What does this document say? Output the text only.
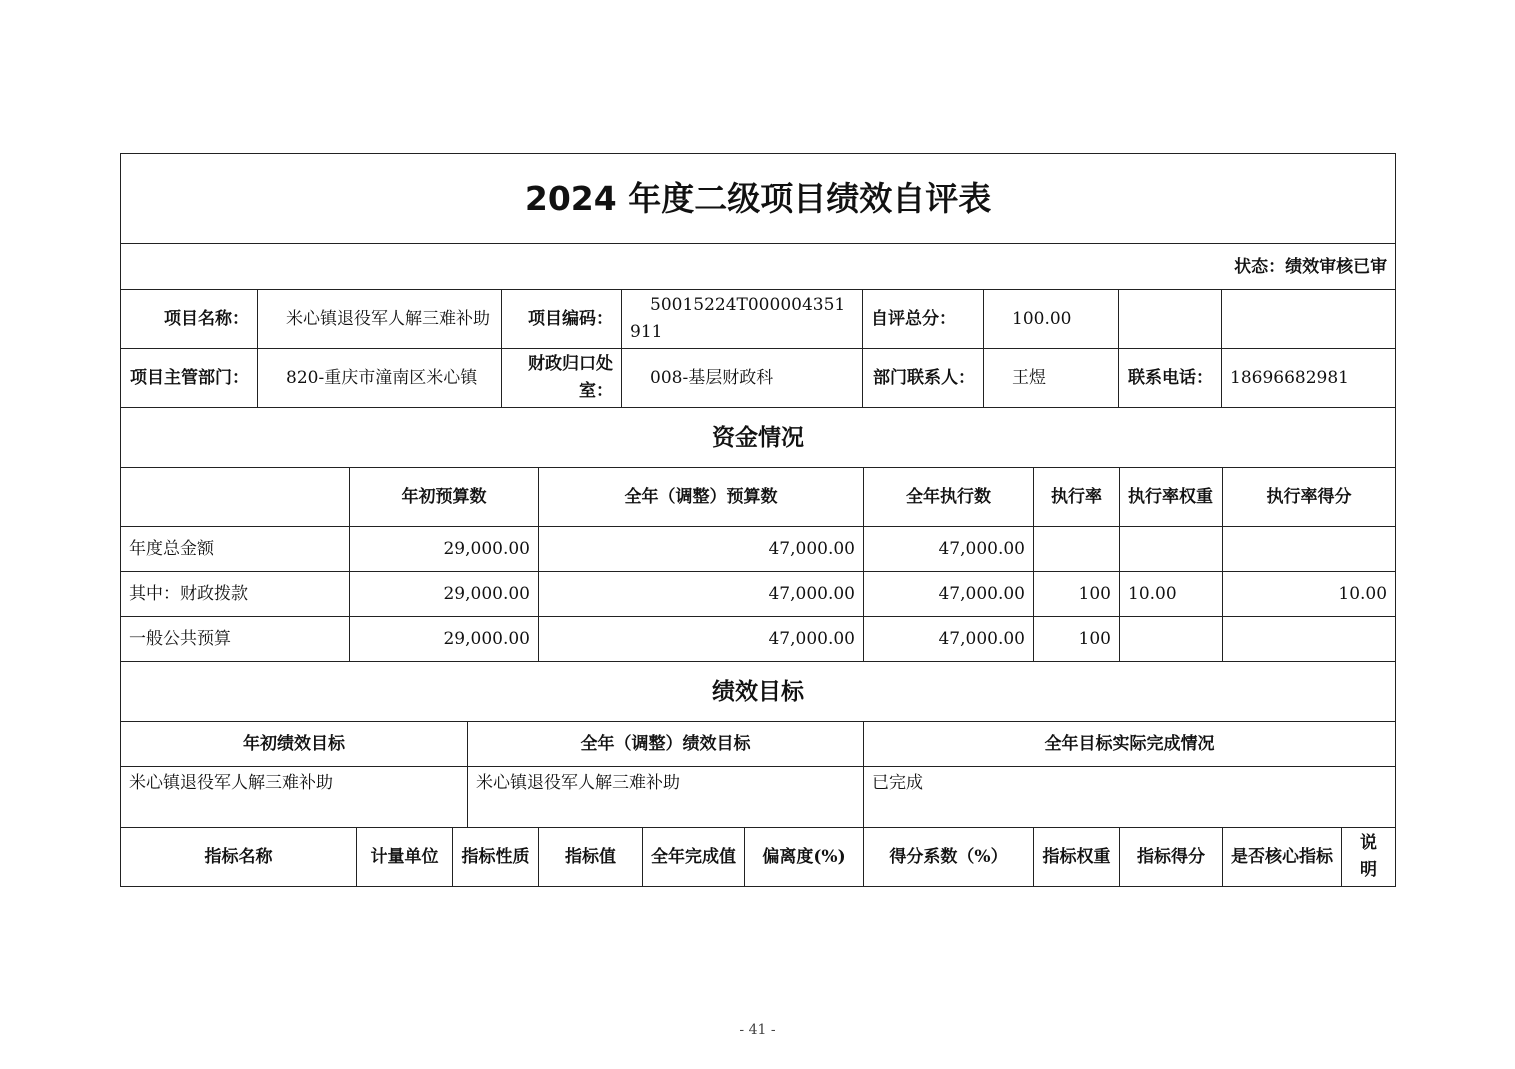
2024 年度二级项目绩效自评表							
状态：绩效审核已审							
项目名称：	米心镇退役军人解三难补助	项目编码：	50015224T000004351911	自评总分：	100.00		
项目主管部门：	820-重庆市潼南区米心镇	财政归口处室：	008-基层财政科	部门联系人：	王煜	联系电话：	18696682981
资金情况						
	年初预算数	全年（调整）预算数	全年执行数	执行率	执行率权重	执行率得分
年度总金额	29,000.00	47,000.00	47,000.00			
其中：财政拨款	29,000.00	47,000.00	47,000.00	100	10.00	10.00
一般公共预算	29,000.00	47,000.00	47,000.00	100		
绩效目标		
年初绩效目标	全年（调整）绩效目标	全年目标实际完成情况
米心镇退役军人解三难补助	米心镇退役军人解三难补助	已完成
指标名称	计量单位	指标性质	指标值	全年完成值	偏离度(%)	得分系数（%）	指标权重	指标得分	是否核心指标	说明
- 41 -
